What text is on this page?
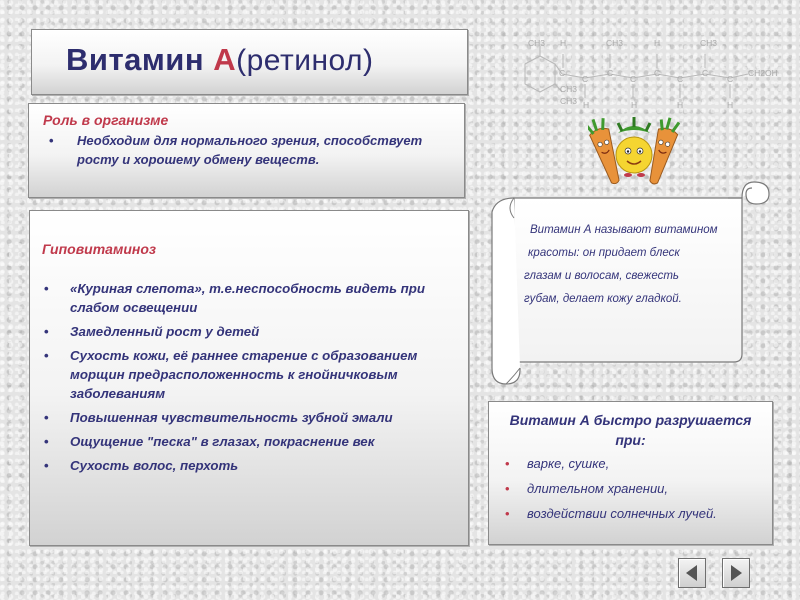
Витамин А(ретинол)
CH3 H	CH3	H	CH3
C
C
C
C
C
C
C
C
CH2OH
CH3
CH3 H	H	H	H
Роль в организме
• Необходим для нормального зрения, способствует росту и хорошему обмену веществ.
Гиповитаминоз
• «Куриная слепота», т.е.неспособность видеть при слабом освещении
• Замедленный рост у детей
• Сухость кожи, её раннее старение с образованием морщин предрасположенность к гнойничковым заболеваниям
• Повышенная чувствительность зубной эмали
• Ощущение "песка" в глазах, покраснение век
• Сухость волос, перхоть

Витамин А называют витамином

красоты: он придает блеск

глазам и волосам, свежесть

губам, делает кожу гладкой.

Витамин А быстро разрушается при:
• варке, сушке,
• длительном хранении,
• воздействии солнечных лучей.
